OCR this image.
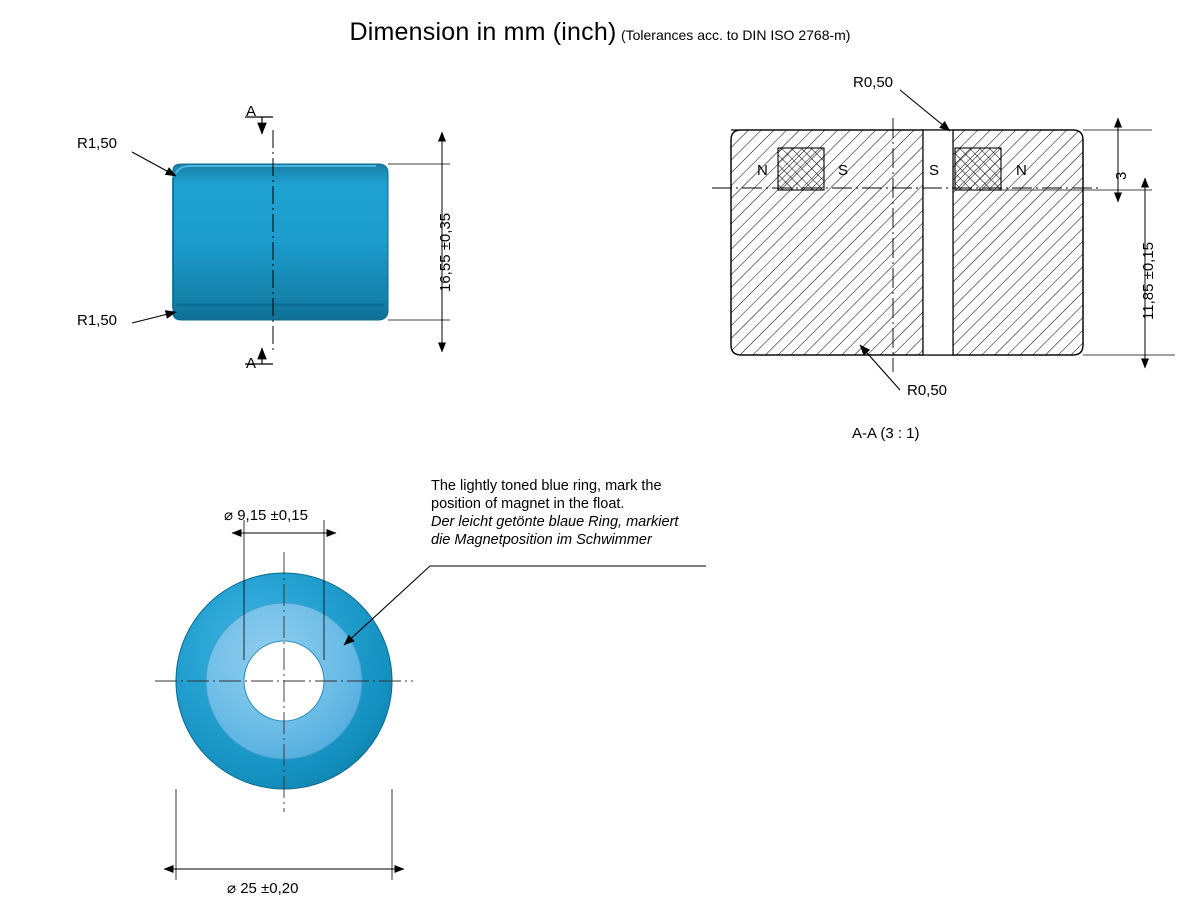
Dimension in mm (inch) (Tolerances acc. to DIN ISO 2768-m)
A
A
R1,50
R1,50
16,55 ±0,35
R0,50
R0,50
N	S	S	N	3
11,85 ±0,15
A-A (3 : 1)
⌀ 9,15 ±0,15
⌀ 25 ±0,20
The lightly toned blue ring, mark the
position of magnet in the float.
Der leicht getönte blaue Ring, markiert
die Magnetposition im Schwimmer
